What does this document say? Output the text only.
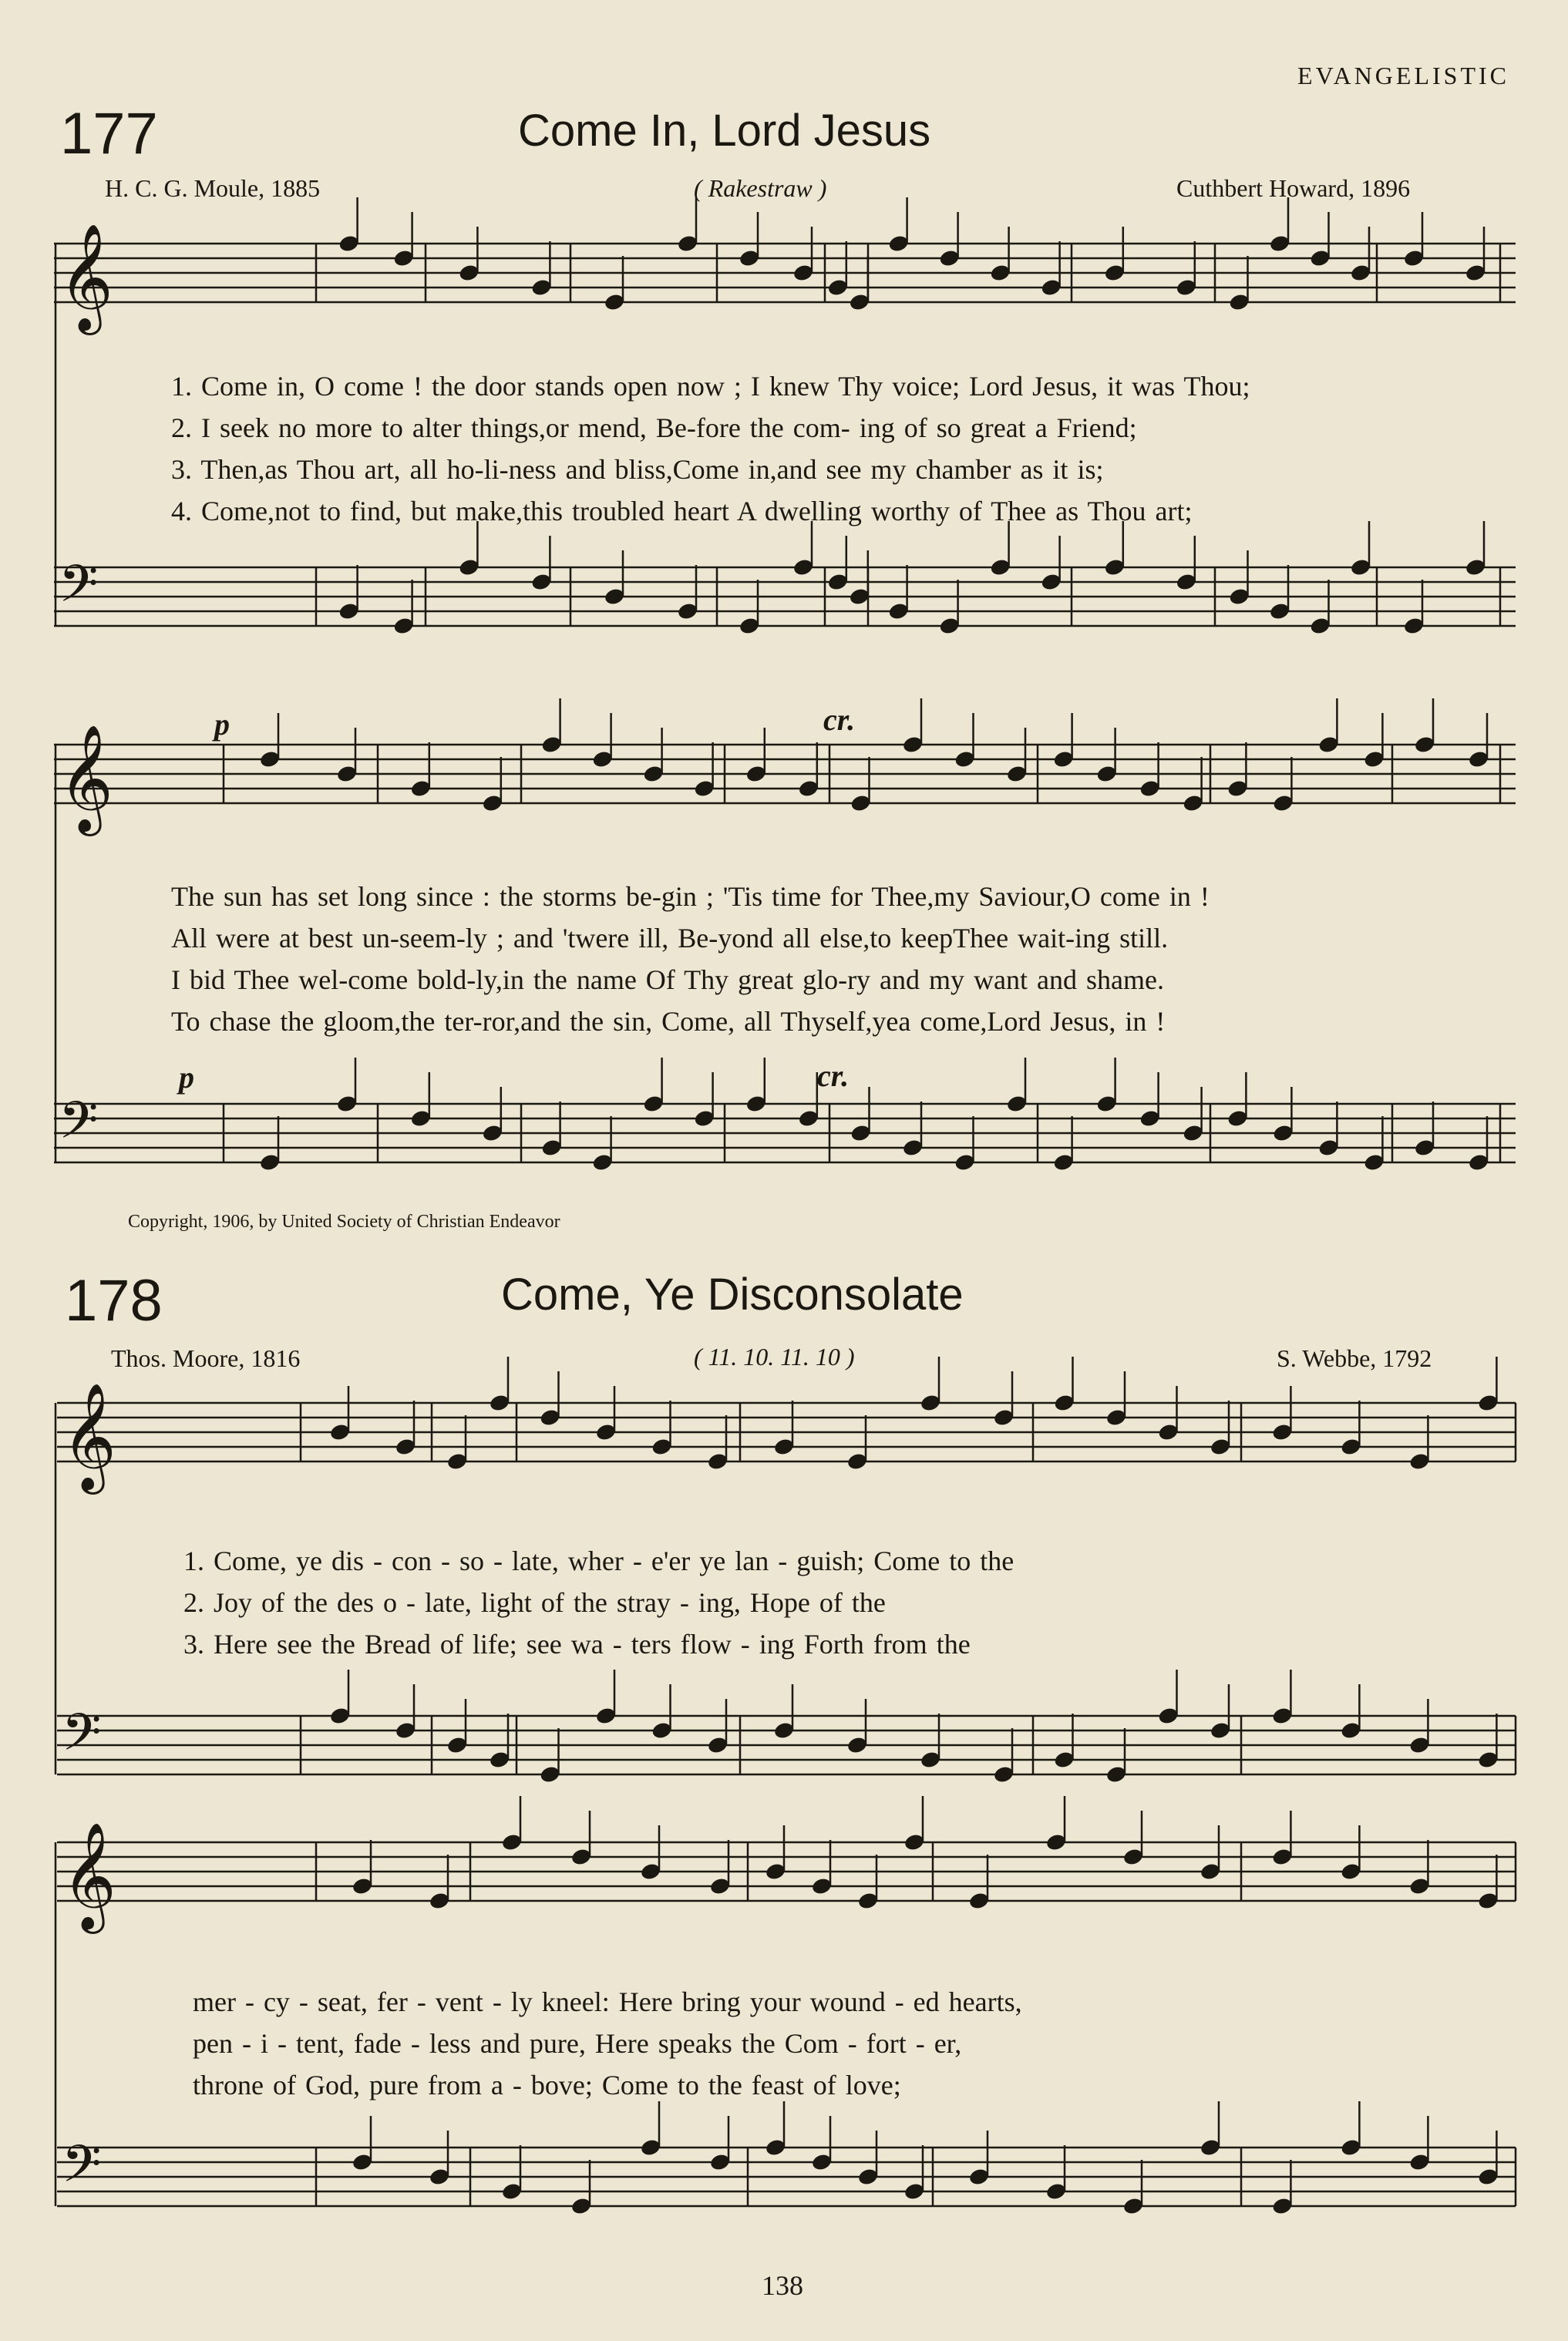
EVANGELISTIC
177	Come In, Lord Jesus
H. C. G. Moule, 1885	( Rakestraw )	Cuthbert Howard, 1896
1. Come in, O come ! the door stands open now ; I knew Thy voice; Lord Jesus, it was Thou;
2. I seek no more to alter things,or mend, Be-fore the com- ing of so great a Friend;
3. Then,as Thou art, all ho-li-ness and bliss,Come in,and see my chamber as it is;
4. Come,not to find, but make,this troubled heart A dwelling worthy of Thee as Thou art;
p	cr.
The sun has set long since : the storms be-gin ; 'Tis time for Thee,my Saviour,O come in !
All were at best un-seem-ly ; and 'twere ill, Be-yond all else,to keepThee wait-ing still.
I bid Thee wel-come bold-ly,in the name Of Thy great glo-ry and my want and shame.
To chase the gloom,the ter-ror,and the sin, Come, all Thyself,yea come,Lord Jesus, in !
p	cr.
Copyright, 1906, by United Society of Christian Endeavor
178	Come, Ye Disconsolate
Thos. Moore, 1816	( 11. 10. 11. 10 )	S. Webbe, 1792
1. Come, ye dis - con - so - late, wher - e'er ye lan - guish; Come to the
2. Joy of the des o - late, light of the stray - ing, Hope of the
3. Here see the Bread of life; see wa - ters flow - ing Forth from the
mer - cy - seat, fer - vent - ly kneel: Here bring your wound - ed hearts,
pen - i - tent, fade - less and pure, Here speaks the Com - fort - er,
throne of God, pure from a - bove; Come to the feast of love;
138
𝄞
𝄢
𝄞
𝄢
𝄞
𝄢
𝄞
𝄢
